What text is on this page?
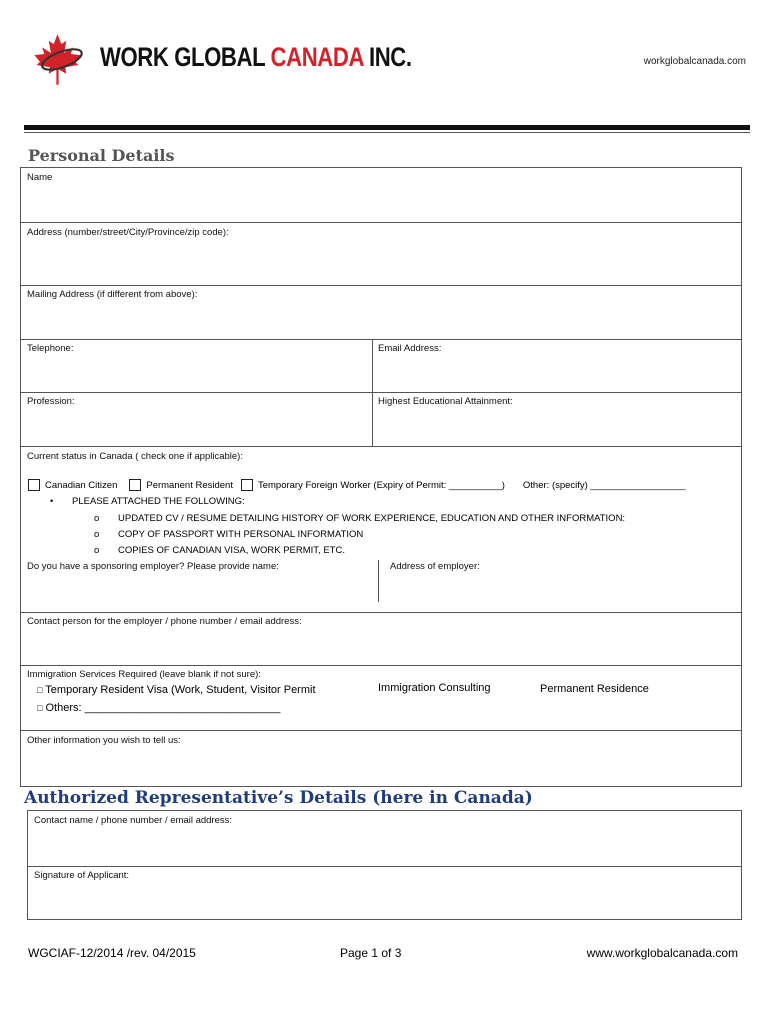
WORK GLOBAL CANADA INC.	workglobalcanada.com
Personal Details
Name
Address (number/street/City/Province/zip code):
Mailing Address (if different from above):
Telephone:	Email Address:
Profession:	Highest Educational Attainment:
Current status in Canada ( check one if applicable):
Canadian Citizen	Permanent Resident	Temporary Foreign Worker (Expiry of Permit: __________) Other: (specify) __________________
• PLEASE ATTACHED THE FOLLOWING:
o UPDATED CV / RESUME DETAILING HISTORY OF WORK EXPERIENCE, EDUCATION AND OTHER INFORMATION:
o COPY OF PASSPORT WITH PERSONAL INFORMATION
o COPIES OF CANADIAN VISA, WORK PERMIT, ETC.
Do you have a sponsoring employer? Please provide name:	Address of employer:
Contact person for the employer / phone number / email address:
Immigration Services Required (leave blank if not sure):
□ Temporary Resident Visa (Work, Student, Visitor Permit
□ Others: ________________________________
Immigration Consulting	Permanent Residence
Other information you wish to tell us:
Authorized Representative’s Details (here in Canada)
Contact name / phone number / email address:
Signature of Applicant:
WGCIAF-12/2014 /rev. 04/2015	Page 1 of 3	www.workglobalcanada.com
